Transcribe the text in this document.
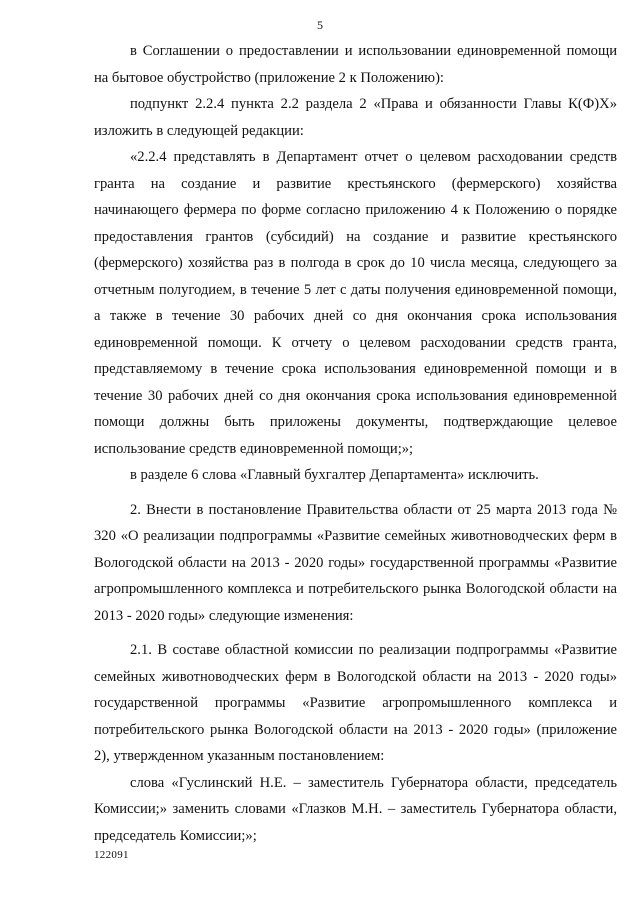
5

в Соглашении о предоставлении и использовании единовременной помощи на бытовое обустройство (приложение 2 к Положению):

подпункт 2.2.4 пункта 2.2 раздела 2 «Права и обязанности Главы К(Ф)Х» изложить в следующей редакции:

«2.2.4 представлять в Департамент отчет о целевом расходовании средств гранта на создание и развитие крестьянского (фермерского) хозяйства начинающего фермера по форме согласно приложению 4 к Положению о порядке предоставления грантов (субсидий) на создание и развитие крестьянского (фермерского) хозяйства раз в полгода в срок до 10 числа месяца, следующего за отчетным полугодием, в течение 5 лет с даты получения единовременной помощи, а также в течение 30 рабочих дней со дня окончания срока использования единовременной помощи. К отчету о целевом расходовании средств гранта, представляемому в течение срока использования единовременной помощи и в течение 30 рабочих дней со дня окончания срока использования единовременной помощи должны быть приложены документы, подтверждающие целевое использование средств единовременной помощи;»;

в разделе 6 слова «Главный бухгалтер Департамента» исключить.

2. Внести в постановление Правительства области от 25 марта 2013 года № 320 «О реализации подпрограммы «Развитие семейных животноводческих ферм в Вологодской области на 2013 - 2020 годы» государственной программы «Развитие агропромышленного комплекса и потребительского рынка Вологодской области на 2013 - 2020 годы» следующие изменения:

2.1. В составе областной комиссии по реализации подпрограммы «Развитие семейных животноводческих ферм в Вологодской области на 2013 - 2020 годы» государственной программы «Развитие агропромышленного комплекса и потребительского рынка Вологодской области на 2013 - 2020 годы» (приложение 2), утвержденном указанным постановлением:

слова «Гуслинский Н.Е. – заместитель Губернатора области, председатель Комиссии;» заменить словами «Глазков М.Н. – заместитель Губернатора области, председатель Комиссии;»;

122091
